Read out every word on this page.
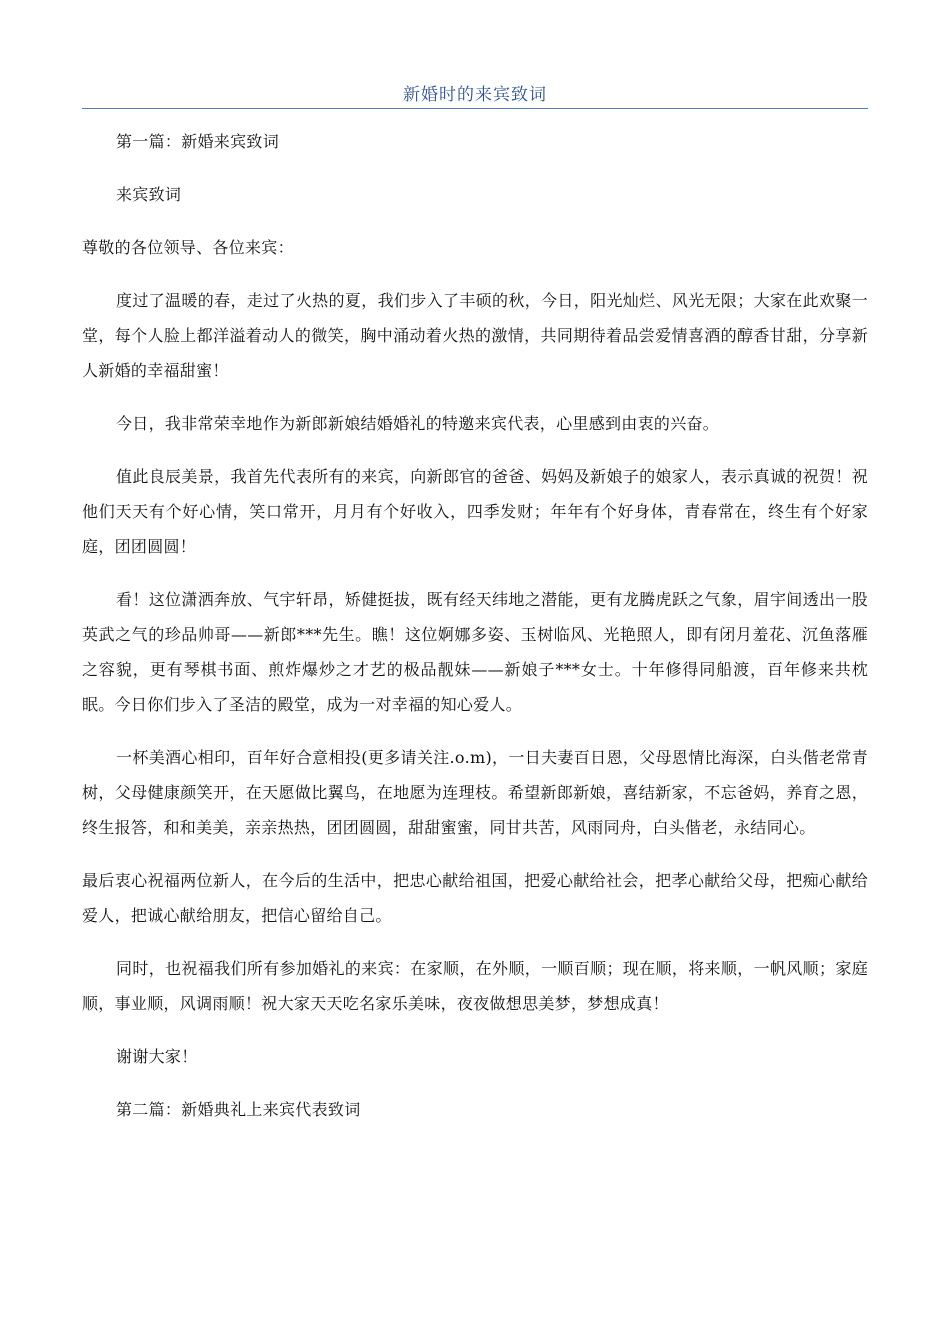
新婚时的来宾致词

第一篇：新婚来宾致词

来宾致词

尊敬的各位领导、各位来宾：

度过了温暖的春，走过了火热的夏，我们步入了丰硕的秋，今日，阳光灿烂、风光无限；大家在此欢聚一堂，每个人脸上都洋溢着动人的微笑，胸中涌动着火热的激情，共同期待着品尝爱情喜酒的醇香甘甜，分享新人新婚的幸福甜蜜！

今日，我非常荣幸地作为新郎新娘结婚婚礼的特邀来宾代表，心里感到由衷的兴奋。

值此良辰美景，我首先代表所有的来宾，向新郎官的爸爸、妈妈及新娘子的娘家人，表示真诚的祝贺！祝他们天天有个好心情，笑口常开，月月有个好收入，四季发财；年年有个好身体，青春常在，终生有个好家庭，团团圆圆！

看！这位潇洒奔放、气宇轩昂，矫健挺拔，既有经天纬地之潜能，更有龙腾虎跃之气象，眉宇间透出一股英武之气的珍品帅哥——新郎***先生。瞧！这位婀娜多姿、玉树临风、光艳照人，即有闭月羞花、沉鱼落雁之容貌，更有琴棋书面、煎炸爆炒之才艺的极品靓妹——新娘子***女士。十年修得同船渡，百年修来共枕眠。今日你们步入了圣洁的殿堂，成为一对幸福的知心爱人。

一杯美酒心相印，百年好合意相投(更多请关注.o.m)，一日夫妻百日恩，父母恩情比海深，白头偕老常青树，父母健康颜笑开，在天愿做比翼鸟，在地愿为连理枝。希望新郎新娘，喜结新家，不忘爸妈，养育之恩，终生报答，和和美美，亲亲热热，团团圆圆，甜甜蜜蜜，同甘共苦，风雨同舟，白头偕老，永结同心。

最后衷心祝福两位新人，在今后的生活中，把忠心献给祖国，把爱心献给社会，把孝心献给父母，把痴心献给爱人，把诚心献给朋友，把信心留给自己。

同时，也祝福我们所有参加婚礼的来宾：在家顺，在外顺，一顺百顺；现在顺，将来顺，一帆风顺；家庭顺，事业顺，风调雨顺！祝大家天天吃名家乐美味，夜夜做想思美梦，梦想成真！

谢谢大家！

第二篇：新婚典礼上来宾代表致词
